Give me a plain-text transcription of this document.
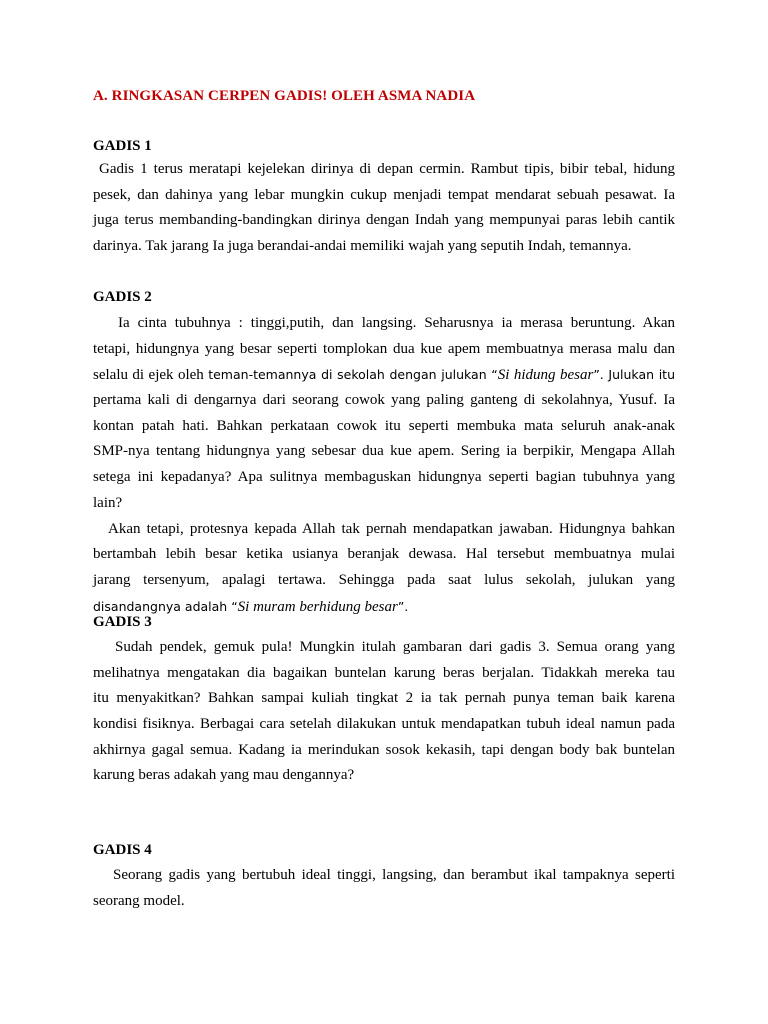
A. RINGKASAN CERPEN GADIS! OLEH ASMA NADIA
GADIS 1
Gadis 1 terus meratapi kejelekan dirinya di depan cermin. Rambut tipis, bibir tebal, hidung
pesek, dan dahinya yang lebar mungkin cukup menjadi tempat mendarat sebuah pesawat. Ia
juga terus membanding-bandingkan dirinya dengan Indah yang mempunyai paras lebih cantik
darinya. Tak jarang Ia juga berandai-andai memiliki wajah yang seputih Indah, temannya.
GADIS 2
Ia cinta tubuhnya : tinggi,putih, dan langsing. Seharusnya ia merasa beruntung. Akan
tetapi, hidungnya yang besar seperti tomplokan dua kue apem membuatnya merasa malu dan
selalu di ejek oleh teman-temannya di sekolah dengan julukan “Si hidung besar”. Julukan itu
pertama kali di dengarnya dari seorang cowok yang paling ganteng di sekolahnya, Yusuf. Ia
kontan patah hati. Bahkan perkataan cowok itu seperti membuka mata seluruh anak-anak
SMP-nya tentang hidungnya yang sebesar dua kue apem. Sering ia berpikir, Mengapa Allah
setega ini kepadanya? Apa sulitnya membaguskan hidungnya seperti bagian tubuhnya yang
lain?
Akan tetapi, protesnya kepada Allah tak pernah mendapatkan jawaban. Hidungnya bahkan
bertambah lebih besar ketika usianya beranjak dewasa. Hal tersebut membuatnya mulai
jarang tersenyum, apalagi tertawa. Sehingga pada saat lulus sekolah, julukan yang
disandangnya adalah “Si muram berhidung besar”.
GADIS 3
Sudah pendek, gemuk pula! Mungkin itulah gambaran dari gadis 3. Semua orang yang
melihatnya mengatakan dia bagaikan buntelan karung beras berjalan. Tidakkah mereka tau
itu menyakitkan? Bahkan sampai kuliah tingkat 2 ia tak pernah punya teman baik karena
kondisi fisiknya. Berbagai cara setelah dilakukan untuk mendapatkan tubuh ideal namun pada
akhirnya gagal semua. Kadang ia merindukan sosok kekasih, tapi dengan body bak buntelan
karung beras adakah yang mau dengannya?
GADIS 4
Seorang gadis yang bertubuh ideal tinggi, langsing, dan berambut ikal tampaknya seperti
seorang model.
